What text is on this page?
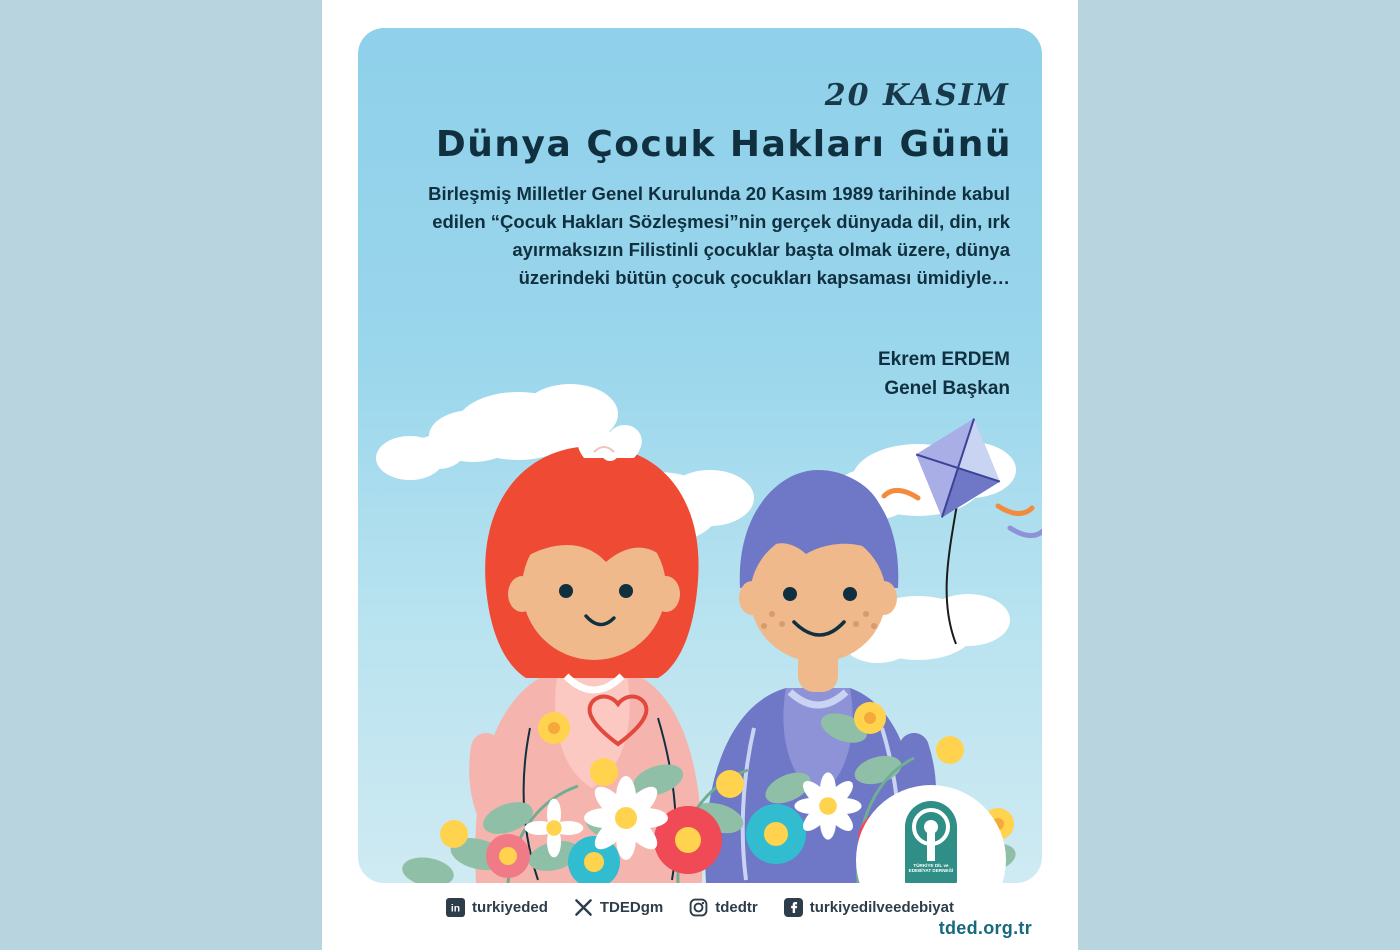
20 KASIM
Dünya Çocuk Hakları Günü
Birleşmiş Milletler Genel Kurulunda 20 Kasım 1989 tarihinde kabul edilen “Çocuk Hakları Sözleşmesi”nin gerçek dünyada dil, din, ırk ayırmaksızın Filistinli çocuklar başta olmak üzere, dünya üzerindeki bütün çocuk çocukları kapsaması ümidiyle…
Ekrem ERDEM
Genel Başkan
TÜRKİYE DİL ve EDEBİYAT DERNEĞİ
in turkiyeded	TDEDgm	tdedtr	turkiyedilveedebiyat
tded.org.tr
